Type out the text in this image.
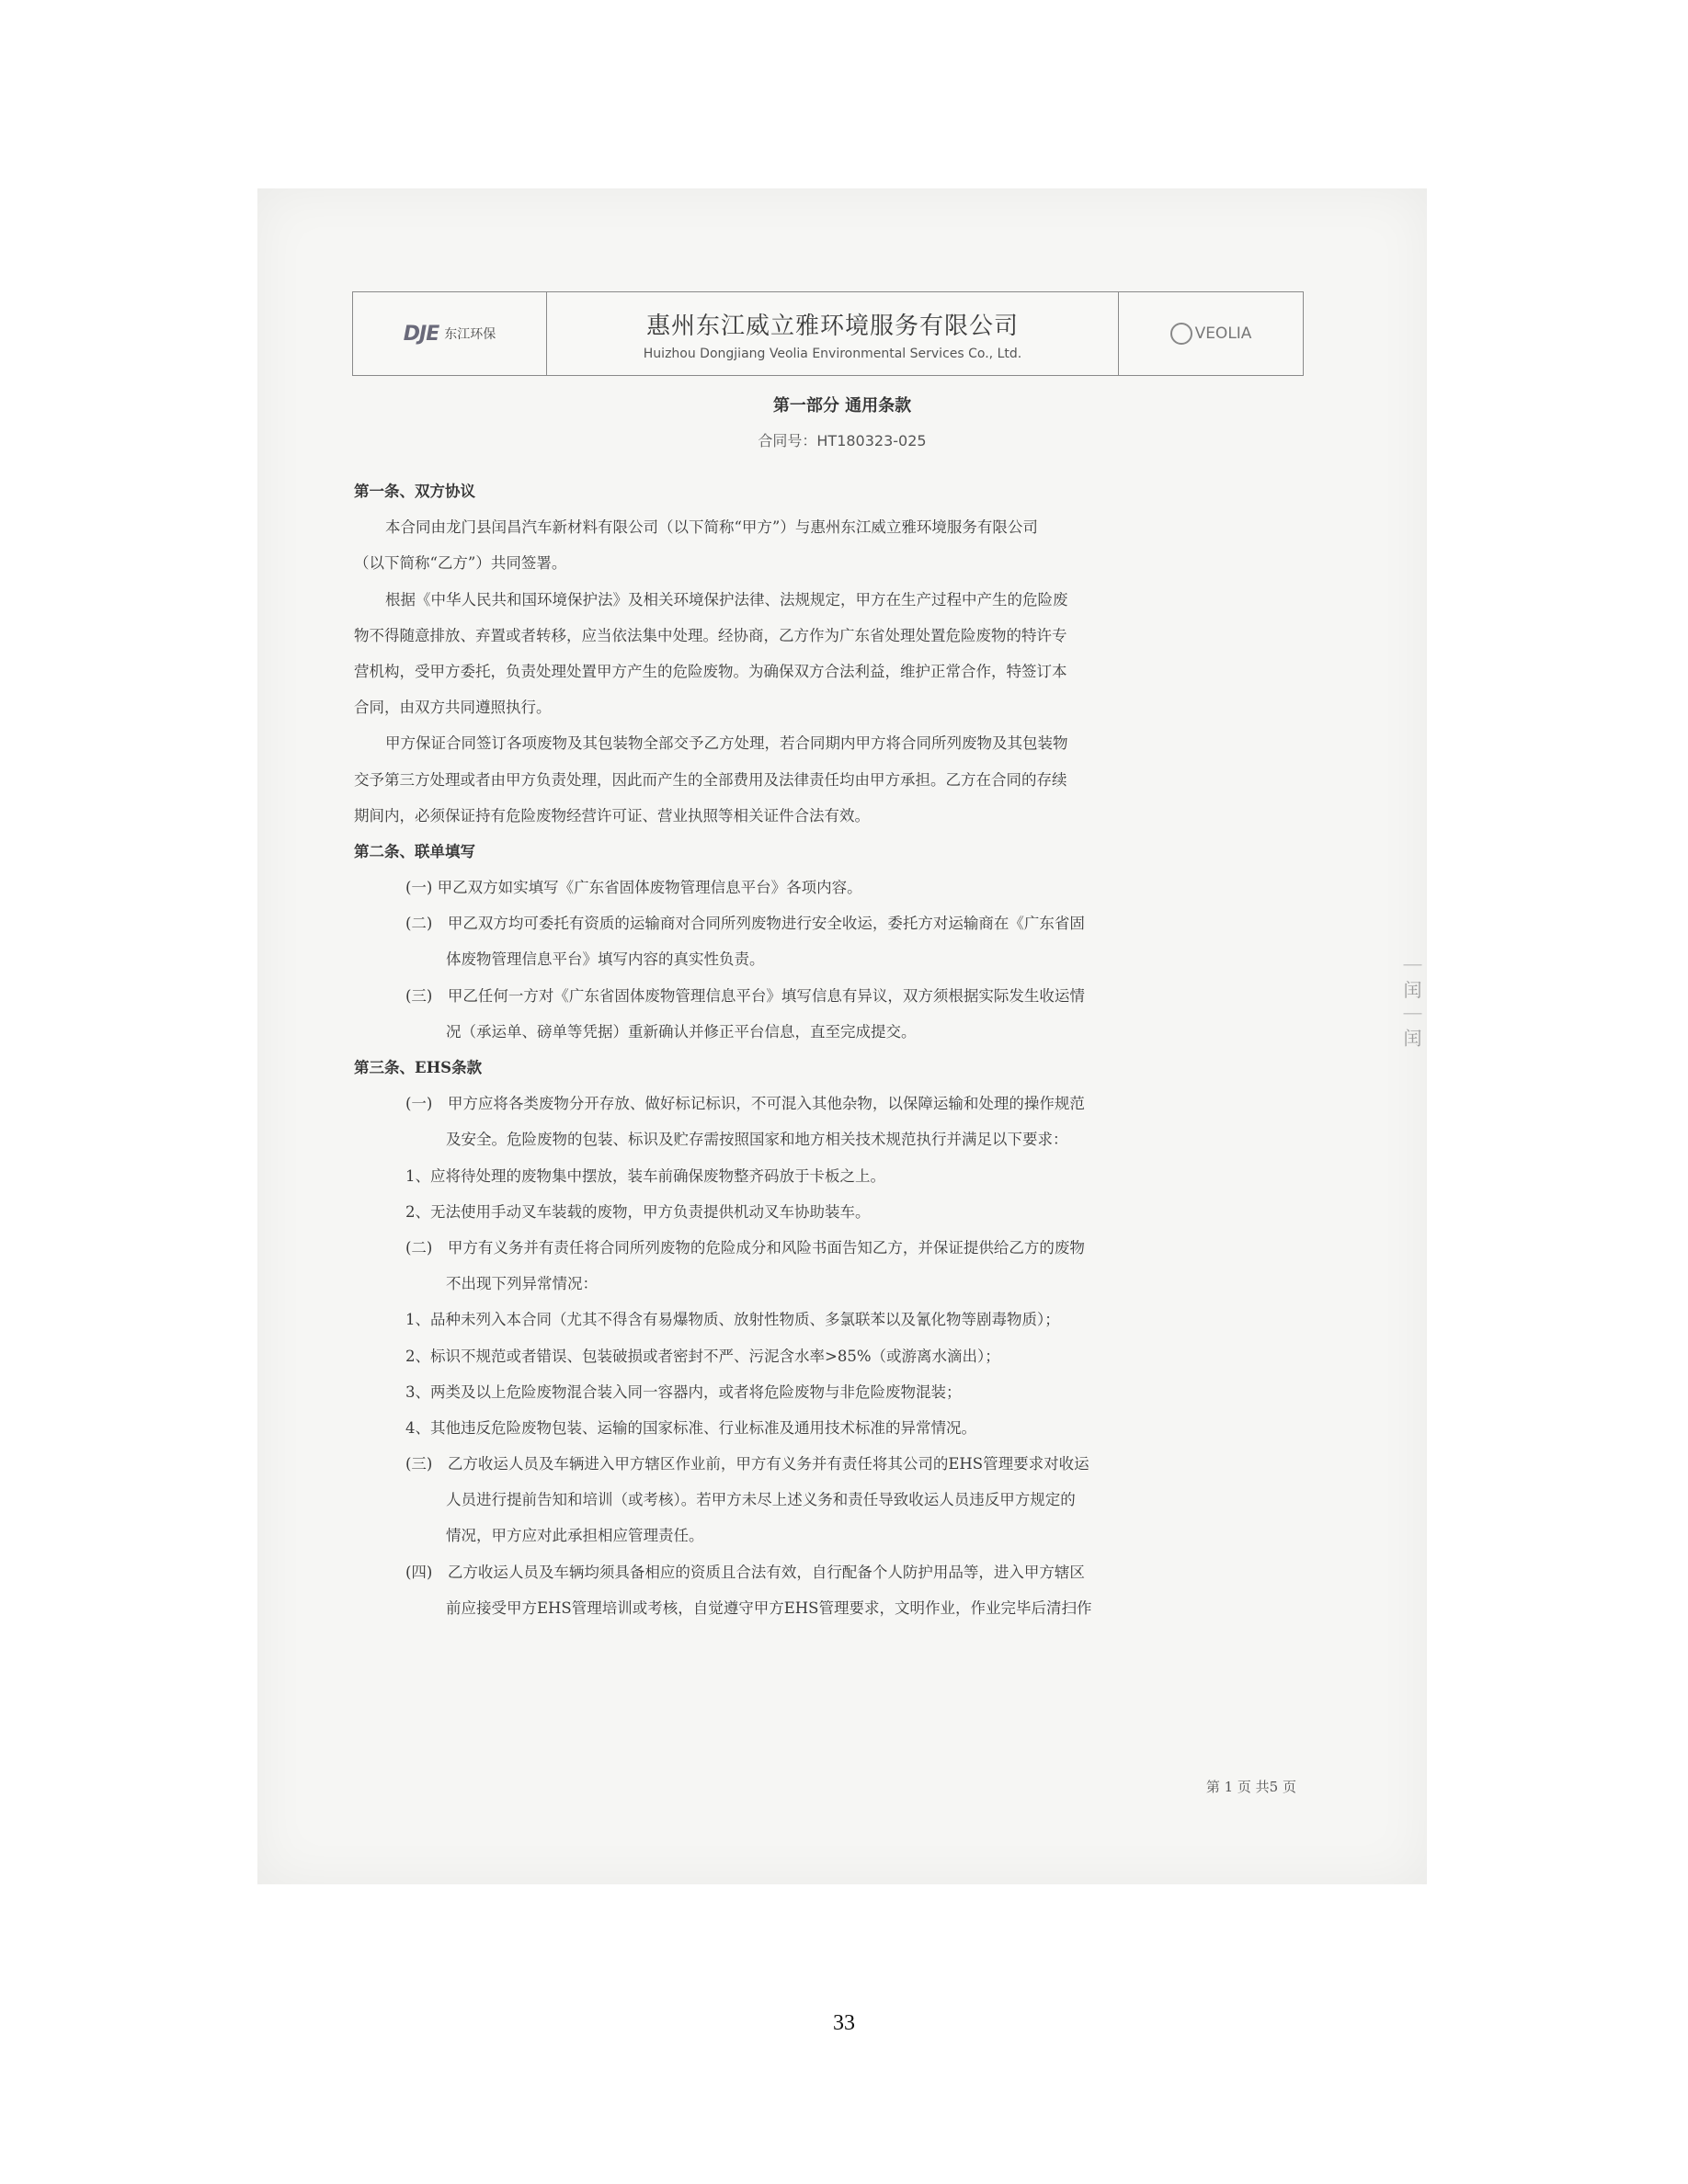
DJE 东江环保	惠州东江威立雅环境服务有限公司
Huizhou Dongjiang Veolia Environmental Services Co., Ltd.
VEOLIA
第一部分 通用条款
合同号：HT180323-025
第一条、双方协议
本合同由龙门县闰昌汽车新材料有限公司（以下简称“甲方”）与惠州东江威立雅环境服务有限公司
（以下简称“乙方”）共同签署。
根据《中华人民共和国环境保护法》及相关环境保护法律、法规规定，甲方在生产过程中产生的危险废
物不得随意排放、弃置或者转移，应当依法集中处理。经协商，乙方作为广东省处理处置危险废物的特许专
营机构，受甲方委托，负责处理处置甲方产生的危险废物。为确保双方合法利益，维护正常合作，特签订本
合同，由双方共同遵照执行。
甲方保证合同签订各项废物及其包装物全部交予乙方处理，若合同期内甲方将合同所列废物及其包装物
交予第三方处理或者由甲方负责处理，因此而产生的全部费用及法律责任均由甲方承担。乙方在合同的存续
期间内，必须保证持有危险废物经营许可证、营业执照等相关证件合法有效。
第二条、联单填写
(一) 甲乙双方如实填写《广东省固体废物管理信息平台》各项内容。
(二)　甲乙双方均可委托有资质的运输商对合同所列废物进行安全收运，委托方对运输商在《广东省固
体废物管理信息平台》填写内容的真实性负责。
(三)　甲乙任何一方对《广东省固体废物管理信息平台》填写信息有异议，双方须根据实际发生收运情
况（承运单、磅单等凭据）重新确认并修正平台信息，直至完成提交。
第三条、EHS条款
(一)　甲方应将各类废物分开存放、做好标记标识，不可混入其他杂物，以保障运输和处理的操作规范
及安全。危险废物的包装、标识及贮存需按照国家和地方相关技术规范执行并满足以下要求：
1、应将待处理的废物集中摆放，装车前确保废物整齐码放于卡板之上。
2、无法使用手动叉车装载的废物，甲方负责提供机动叉车协助装车。
(二)　甲方有义务并有责任将合同所列废物的危险成分和风险书面告知乙方，并保证提供给乙方的废物
不出现下列异常情况：
1、品种未列入本合同（尤其不得含有易爆物质、放射性物质、多氯联苯以及氰化物等剧毒物质）；
2、标识不规范或者错误、包装破损或者密封不严、污泥含水率>85%（或游离水滴出）；
3、两类及以上危险废物混合装入同一容器内，或者将危险废物与非危险废物混装；
4、其他违反危险废物包装、运输的国家标准、行业标准及通用技术标准的异常情况。
(三)　乙方收运人员及车辆进入甲方辖区作业前，甲方有义务并有责任将其公司的EHS管理要求对收运
人员进行提前告知和培训（或考核）。若甲方未尽上述义务和责任导致收运人员违反甲方规定的
情况，甲方应对此承担相应管理责任。
(四)　乙方收运人员及车辆均须具备相应的资质且合法有效，自行配备个人防护用品等，进入甲方辖区
前应接受甲方EHS管理培训或考核，自觉遵守甲方EHS管理要求，文明作业，作业完毕后清扫作
｜ 闰 ｜ 闰
第 1 页 共5 页
33
